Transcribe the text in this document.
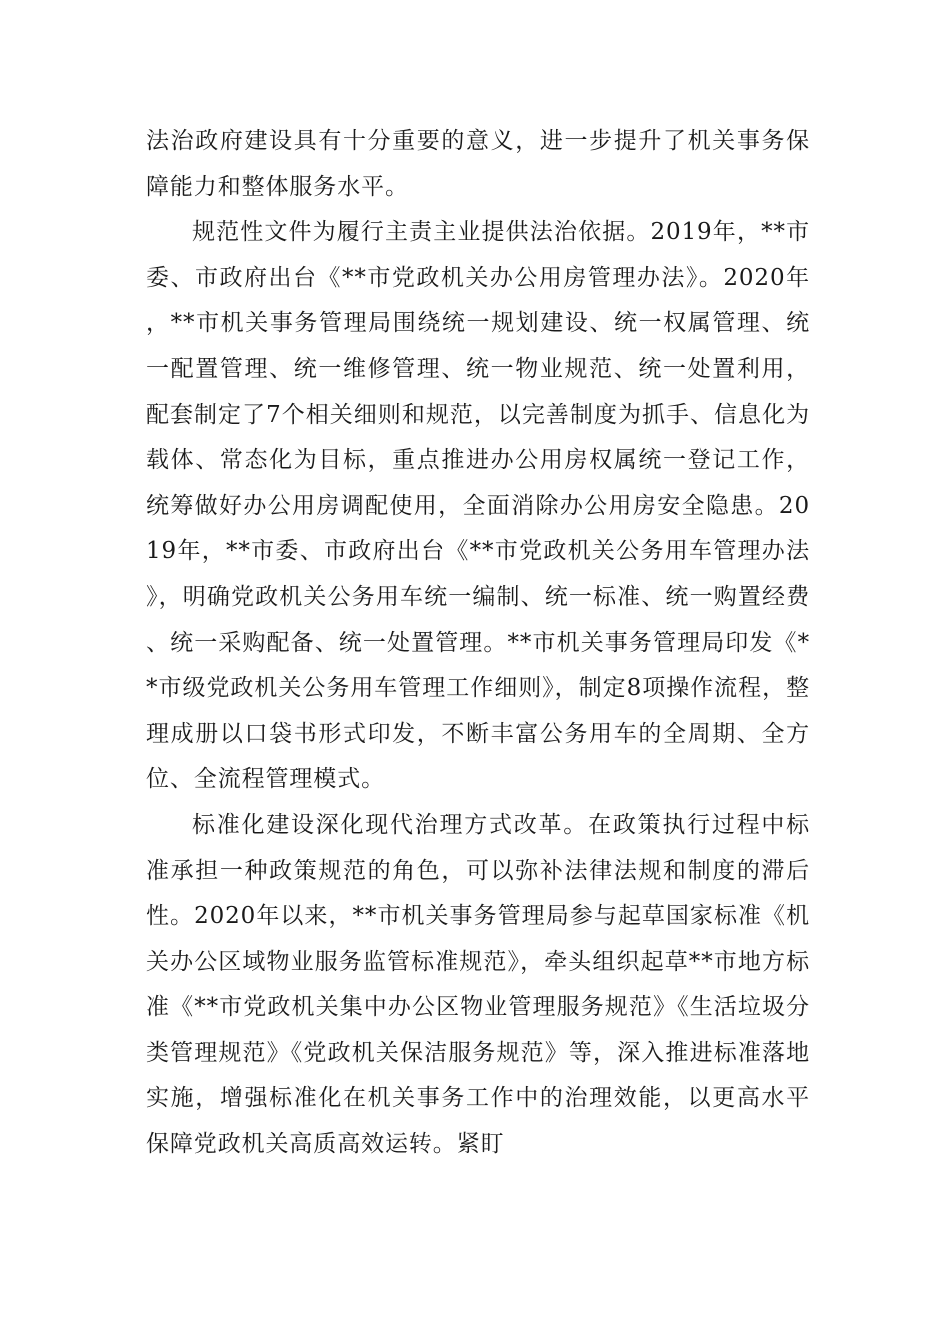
法治政府建设具有十分重要的意义，进一步提升了机关事务保障能力和整体服务水平。

规范性文件为履行主责主业提供法治依据。2019年，**市委、市政府出台《**市党政机关办公用房管理办法》。2020年，**市机关事务管理局围绕统一规划建设、统一权属管理、统一配置管理、统一维修管理、统一物业规范、统一处置利用，配套制定了7个相关细则和规范，以完善制度为抓手、信息化为载体、常态化为目标，重点推进办公用房权属统一登记工作，统筹做好办公用房调配使用，全面消除办公用房安全隐患。2019年，**市委、市政府出台《**市党政机关公务用车管理办法》，明确党政机关公务用车统一编制、统一标准、统一购置经费、统一采购配备、统一处置管理。**市机关事务管理局印发《**市级党政机关公务用车管理工作细则》，制定8项操作流程，整理成册以口袋书形式印发，不断丰富公务用车的全周期、全方位、全流程管理模式。

标准化建设深化现代治理方式改革。在政策执行过程中标准承担一种政策规范的角色，可以弥补法律法规和制度的滞后性。2020年以来，**市机关事务管理局参与起草国家标准《机关办公区域物业服务监管标准规范》，牵头组织起草**市地方标准《**市党政机关集中办公区物业管理服务规范》《生活垃圾分类管理规范》《党政机关保洁服务规范》等，深入推进标准落地实施，增强标准化在机关事务工作中的治理效能，以更高水平保障党政机关高质高效运转。紧盯
